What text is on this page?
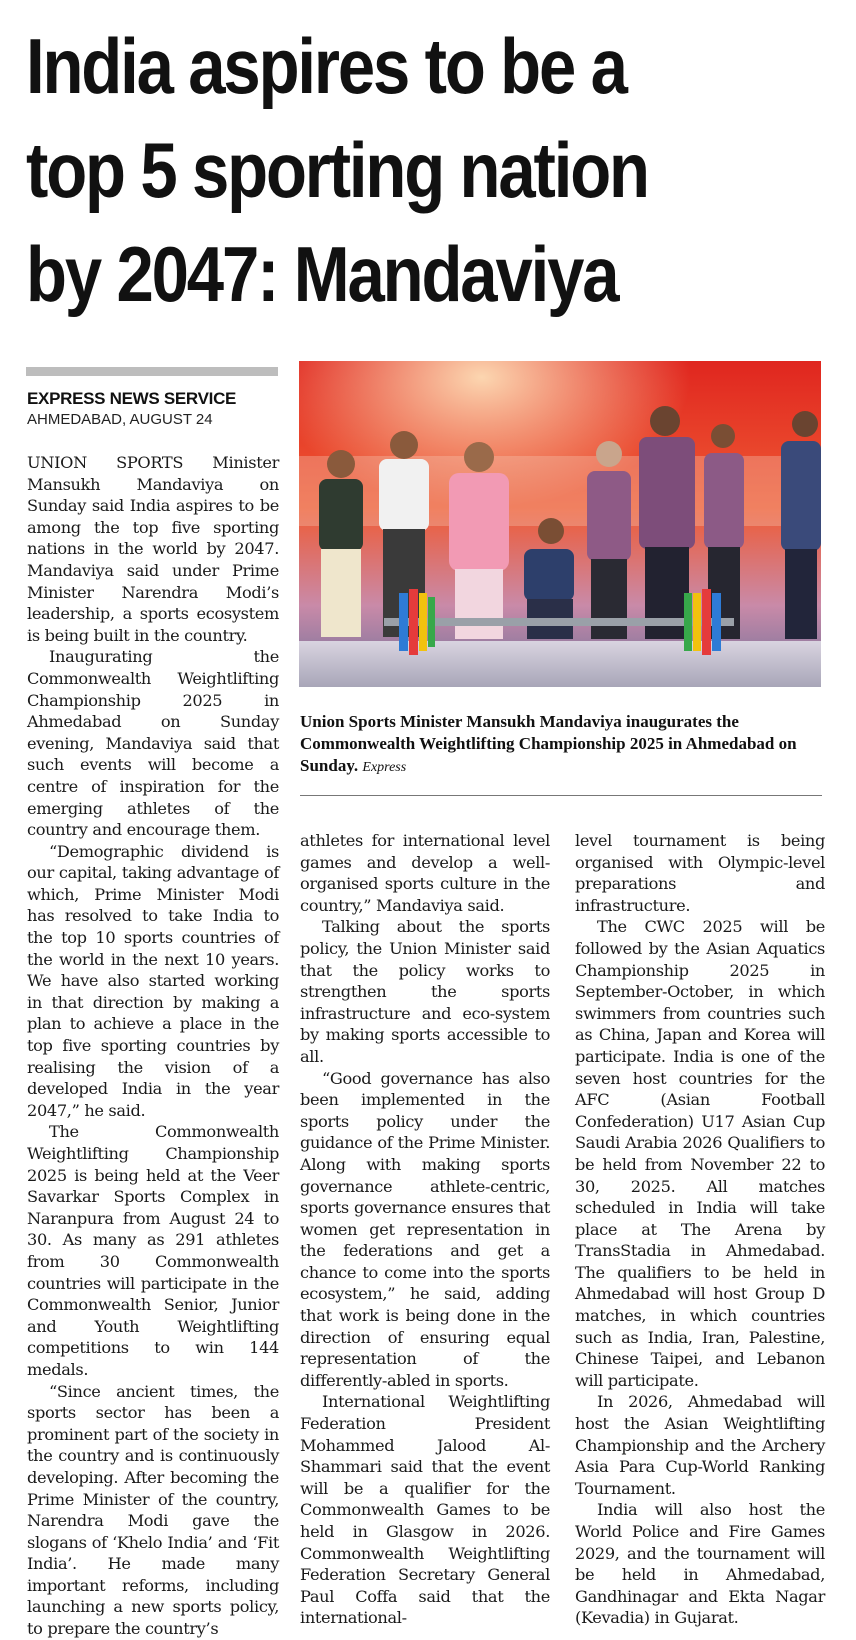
India aspires to be a
top 5 sporting nation
by 2047: Mandaviya
EXPRESS NEWS SERVICE
AHMEDABAD, AUGUST 24

UNION SPORTS Minister Mansukh Mandaviya on Sunday said India aspires to be among the top five sporting nations in the world by 2047. Mandaviya said under Prime Minister Narendra Modi’s leadership, a sports ecosystem is being built in the country.

Inaugurating the Commonwealth Weightlifting Championship 2025 in Ahmedabad on Sunday evening, Mandaviya said that such events will become a centre of inspiration for the emerging athletes of the country and encourage them.

“Demographic dividend is our capital, taking advantage of which, Prime Minister Modi has resolved to take India to the top 10 sports countries of the world in the next 10 years. We have also started working in that direction by making a plan to achieve a place in the top five sporting countries by realising the vision of a developed India in the year 2047,” he said.

The Commonwealth Weightlifting Championship 2025 is being held at the Veer Savarkar Sports Complex in Naranpura from August 24 to 30. As many as 291 athletes from 30 Commonwealth countries will participate in the Commonwealth Senior, Junior and Youth Weightlifting competitions to win 144 medals.

“Since ancient times, the sports sector has been a prominent part of the society in the country and is continuously developing. After becoming the Prime Minister of the country, Narendra Modi gave the slogans of ‘Khelo India’ and ‘Fit India’. He made many important reforms, including launching a new sports policy, to prepare the country’s

Union Sports Minister Mansukh Mandaviya inaugurates the Commonwealth Weightlifting Championship 2025 in Ahmedabad on Sunday. Express

athletes for international level games and develop a well-organised sports culture in the country,” Mandaviya said.

Talking about the sports policy, the Union Minister said that the policy works to strengthen the sports infrastructure and eco-system by making sports accessible to all.

“Good governance has also been implemented in the sports policy under the guidance of the Prime Minister. Along with making sports governance athlete-centric, sports governance ensures that women get representation in the federations and get a chance to come into the sports ecosystem,” he said, adding that work is being done in the direction of ensuring equal representation of the differently-abled in sports.

International Weightlifting Federation President Mohammed Jalood Al-Shammari said that the event will be a qualifier for the Commonwealth Games to be held in Glasgow in 2026. Commonwealth Weightlifting Federation Secretary General Paul Coffa said that the international-

level tournament is being organised with Olympic-level preparations and infrastructure.

The CWC 2025 will be followed by the Asian Aquatics Championship 2025 in September-October, in which swimmers from countries such as China, Japan and Korea will participate. India is one of the seven host countries for the AFC (Asian Football Confederation) U17 Asian Cup Saudi Arabia 2026 Qualifiers to be held from November 22 to 30, 2025. All matches scheduled in India will take place at The Arena by TransStadia in Ahmedabad. The qualifiers to be held in Ahmedabad will host Group D matches, in which countries such as India, Iran, Palestine, Chinese Taipei, and Lebanon will participate.

In 2026, Ahmedabad will host the Asian Weightlifting Championship and the Archery Asia Para Cup-World Ranking Tournament.

India will also host the World Police and Fire Games 2029, and the tournament will be held in Ahmedabad, Gandhinagar and Ekta Nagar (Kevadia) in Gujarat.
